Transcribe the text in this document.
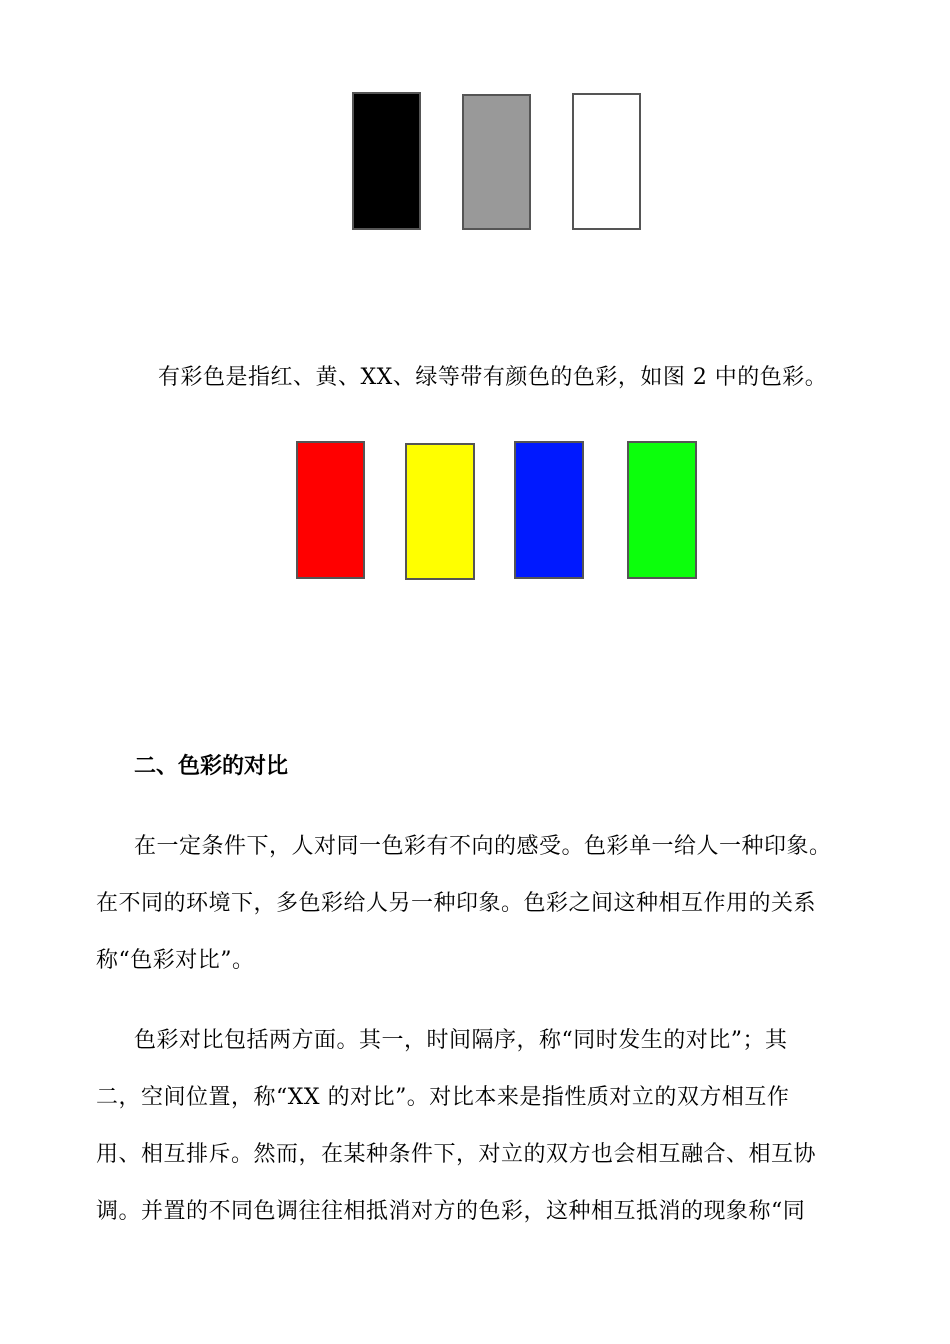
有彩色是指红、黄、XX、绿等带有颜色的色彩，如图 2 中的色彩。
二、色彩的对比
在一定条件下，人对同一色彩有不向的感受。色彩单一给人一种印象。
在不同的环境下，多色彩给人另一种印象。色彩之间这种相互作用的关系
称“色彩对比”。
色彩对比包括两方面。其一，时间隔序，称“同时发生的对比”；其
二，空间位置，称“XX 的对比”。对比本来是指性质对立的双方相互作
用、相互排斥。然而，在某种条件下，对立的双方也会相互融合、相互协
调。并置的不同色调往往相抵消对方的色彩，这种相互抵消的现象称“同
